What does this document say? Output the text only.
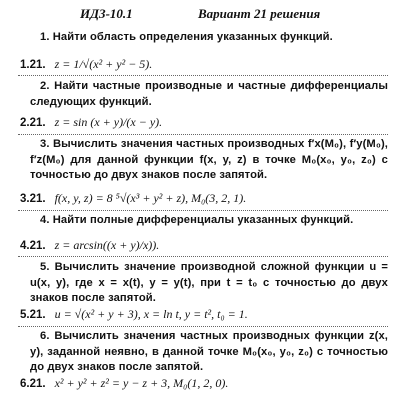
ИДЗ-10.1	Вариант 21 решения
1. Найти область определения указанных функций.
1.21. z = 1/√(x² + y² − 5).
2. Найти частные производные и частные дифференциалы следующих функций.
2.21. z = sin (x + y)/(x − y).
3. Вычислить значения частных производных f′x(M₀), f′y(M₀), f′z(M₀) для данной функции f(x, y, z) в точке M₀(x₀, y₀, z₀) с точностью до двух знаков после запятой.
3.21. f(x, y, z) = 8 ⁵√(x³ + y² + z), M₀(3, 2, 1).
4. Найти полные дифференциалы указанных функций.
4.21. z = arcsin((x + y)/x)).
5. Вычислить значение производной сложной функции u = u(x, y), где x = x(t), y = y(t), при t = t₀ с точностью до двух знаков после запятой.
5.21. u = √(x² + y + 3), x = ln t, y = t², t₀ = 1.
6. Вычислить значения частных производных функции z(x, y), заданной неявно, в данной точке M₀(x₀, y₀, z₀) с точностью до двух знаков после запятой.
6.21. x² + y² + z² = y − z + 3, M₀(1, 2, 0).
